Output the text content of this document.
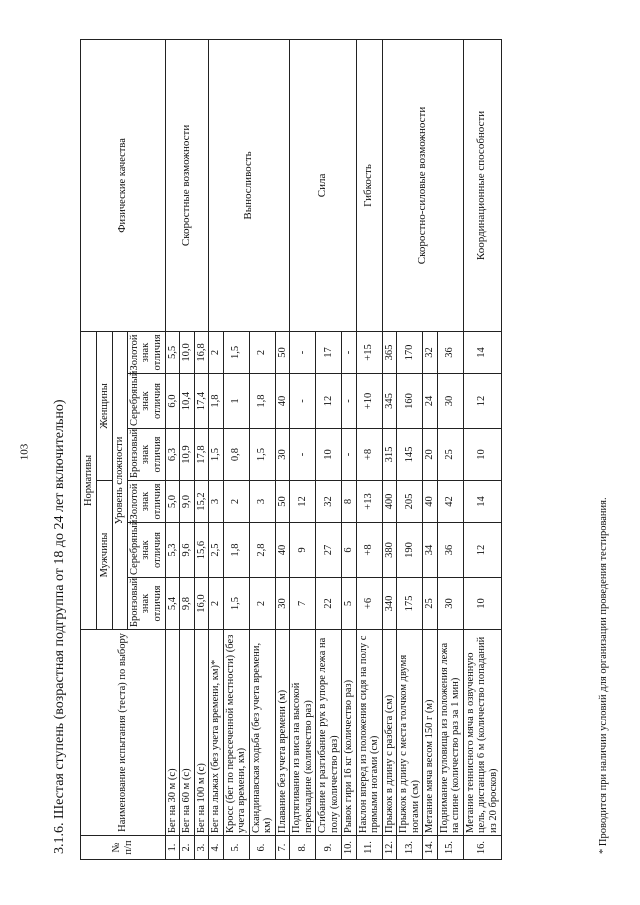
103 3.1.6. Шестая ступень (возрастная подгруппа от 18 до 24 лет включительно)	№ п/п	Наименование испытания (теста) по выбору	Нормативы						Физические качества
		Мужчины			Женщины			
		Уровень сложности						
		Бронзовый знак отличия	Серебряный знак отличия	Золотой знак отличия	Бронзовый знак отличия	Серебряный знак отличия	Золотой знак отличия	
1.	Бег на 30 м (с)	5,4	5,3	5,0	6,3	6,0	5,5	Скоростные возможности
2.	Бег на 60 м (с)	9,8	9,6	9,0	10,9	10,4	10,0	
3.	Бег на 100 м (с)	16,0	15,6	15,2	17,8	17,4	16,8	
4.	Бег на лыжах (без учета времени, км)*	2	2,5	3	1,5	1,8	2	Выносливость
5.	Кросс (бег по пересеченной местности) (без учета времени, км)	1,5	1,8	2	0,8	1	1,5	
6.	Скандинавская ходьба (без учета времени, км)	2	2,8	3	1,5	1,8	2	
7.	Плавание без учета времени (м)	30	40	50	30	40	50	
8.	Подтягивание из виса на высокой перекладине (количество раз)	7	9	12	-	-	-	Сила
9.	Сгибание и разгибание рук в упоре лежа на полу (количество раз)	22	27	32	10	12	17	
10.	Рывок гири 16 кг (количество раз)	5	6	8	-	-	-	
11.	Наклон вперед из положения сидя на полу с прямыми ногами (см)	+6	+8	+13	+8	+10	+15	Гибкость
12.	Прыжок в длину с разбега (см)	340	380	400	315	345	365	Скоростно-силовые возможности
13.	Прыжок в длину с места толчком двумя ногами (см)	175	190	205	145	160	170	
14.	Метание мяча весом 150 г (м)	25	34	40	20	24	32	
15.	Поднимание туловища из положения лежа на спине (количество раз за 1 мин)	30	36	42	25	30	36	
16.	Метание теннисного мяча в озвученную цель, дистанция 6 м (количество попаданий из 20 бросков)	10	12	14	10	12	14	Координационные способности
* Проводится при наличии условий для организации проведения тестирования.
